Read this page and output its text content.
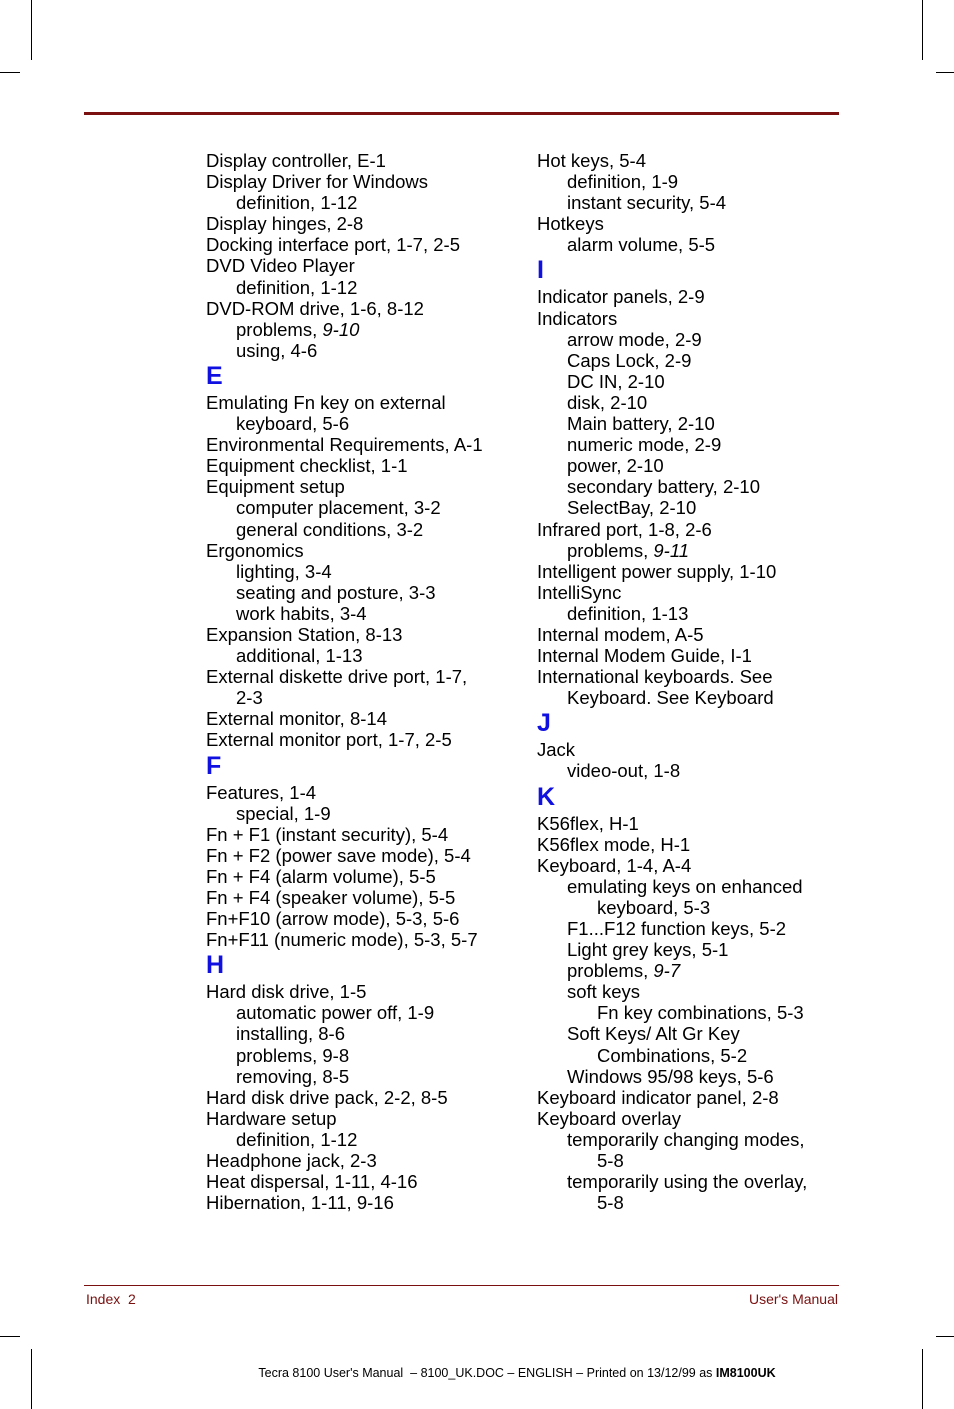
Display controller, E-1
Display Driver for Windows
definition, 1-12
Display hinges, 2-8
Docking interface port, 1-7, 2-5
DVD Video Player
definition, 1-12
DVD-ROM drive, 1-6, 8-12
problems, 9-10
using, 4-6
E
Emulating Fn key on external
keyboard, 5-6
Environmental Requirements, A-1
Equipment checklist, 1-1
Equipment setup
computer placement, 3-2
general conditions, 3-2
Ergonomics
lighting, 3-4
seating and posture, 3-3
work habits, 3-4
Expansion Station, 8-13
additional, 1-13
External diskette drive port, 1-7,
2-3
External monitor, 8-14
External monitor port, 1-7, 2-5
F
Features, 1-4
special, 1-9
Fn + F1 (instant security), 5-4
Fn + F2 (power save mode), 5-4
Fn + F4 (alarm volume), 5-5
Fn + F4 (speaker volume), 5-5
Fn+F10 (arrow mode), 5-3, 5-6
Fn+F11 (numeric mode), 5-3, 5-7
H
Hard disk drive, 1-5
automatic power off, 1-9
installing, 8-6
problems, 9-8
removing, 8-5
Hard disk drive pack, 2-2, 8-5
Hardware setup
definition, 1-12
Headphone jack, 2-3
Heat dispersal, 1-11, 4-16
Hibernation, 1-11, 9-16
Hot keys, 5-4
definition, 1-9
instant security, 5-4
Hotkeys
alarm volume, 5-5
I
Indicator panels, 2-9
Indicators
arrow mode, 2-9
Caps Lock, 2-9
DC IN, 2-10
disk, 2-10
Main battery, 2-10
numeric mode, 2-9
power, 2-10
secondary battery, 2-10
SelectBay, 2-10
Infrared port, 1-8, 2-6
problems, 9-11
Intelligent power supply, 1-10
IntelliSync
definition, 1-13
Internal modem, A-5
Internal Modem Guide, I-1
International keyboards. See
Keyboard. See Keyboard
J
Jack
video-out, 1-8
K
K56flex, H-1
K56flex mode, H-1
Keyboard, 1-4, A-4
emulating keys on enhanced
keyboard, 5-3
F1...F12 function keys, 5-2
Light grey keys, 5-1
problems, 9-7
soft keys
Fn key combinations, 5-3
Soft Keys/ Alt Gr Key
Combinations, 5-2
Windows 95/98 keys, 5-6
Keyboard indicator panel, 2-8
Keyboard overlay
temporarily changing modes,
5-8
temporarily using the overlay,
5-8
Index  2	User's Manual
Tecra 8100 User's Manual  – 8100_UK.DOC – ENGLISH – Printed on 13/12/99 as IM8100UK
